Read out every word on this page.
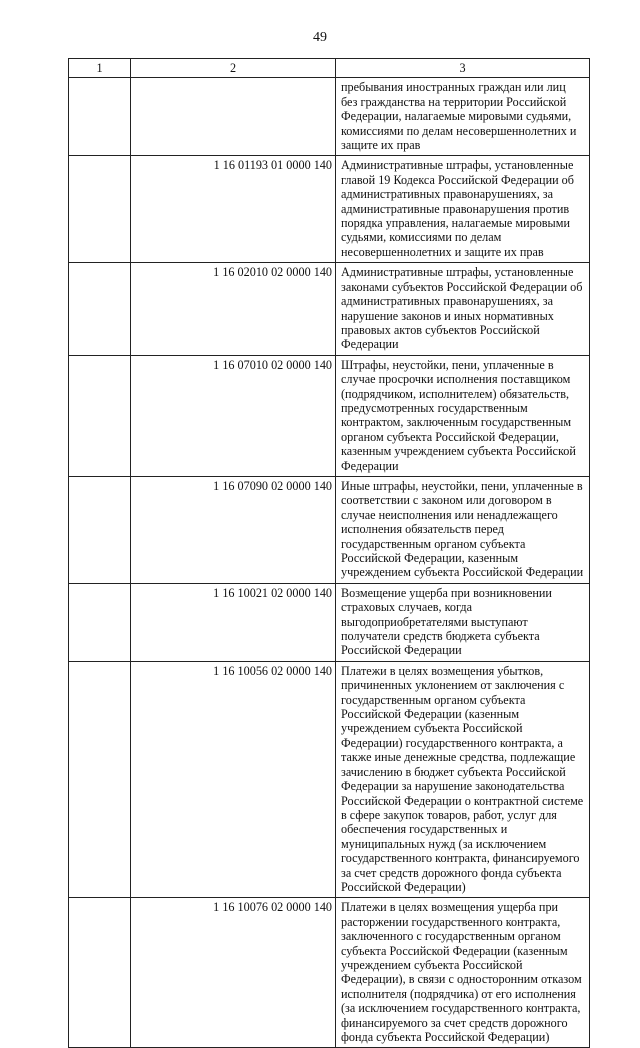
49
1	2	3
		пребывания иностранных граждан или лиц без гражданства на территории Российской Федерации, налагаемые мировыми судьями, комиссиями по делам несовершеннолетних и защите их прав
	1 16 01193 01 0000 140	Административные штрафы, установленные главой 19 Кодекса Российской Федерации об административных правонарушениях, за административные правонарушения против порядка управления, налагаемые мировыми судьями, комиссиями по делам несовершеннолетних и защите их прав
	1 16 02010 02 0000 140	Административные штрафы, установленные законами субъектов Российской Федерации об административных правонарушениях, за нарушение законов и иных нормативных правовых актов субъектов Российской Федерации
	1 16 07010 02 0000 140	Штрафы, неустойки, пени, уплаченные в случае просрочки исполнения поставщиком (подрядчиком, исполнителем) обязательств, предусмотренных государственным контрактом, заключенным государственным органом субъекта Российской Федерации, казенным учреждением субъекта Российской Федерации
	1 16 07090 02 0000 140	Иные штрафы, неустойки, пени, уплаченные в соответствии с законом или договором в случае неисполнения или ненадлежащего исполнения обязательств перед государственным органом субъекта Российской Федерации, казенным учреждением субъекта Российской Федерации
	1 16 10021 02 0000 140	Возмещение ущерба при возникновении страховых случаев, когда выгодоприобретателями выступают получатели средств бюджета субъекта Российской Федерации
	1 16 10056 02 0000 140	Платежи в целях возмещения убытков, причиненных уклонением от заключения с государственным органом субъекта Российской Федерации (казенным учреждением субъекта Российской Федерации) государственного контракта, а также иные денежные средства, подлежащие зачислению в бюджет субъекта Российской Федерации за нарушение законодательства Российской Федерации о контрактной системе в сфере закупок товаров, работ, услуг для обеспечения государственных и муниципальных нужд (за исключением государственного контракта, финансируемого за счет средств дорожного фонда субъекта Российской Федерации)
	1 16 10076 02 0000 140	Платежи в целях возмещения ущерба при расторжении государственного контракта, заключенного с государственным органом субъекта Российской Федерации (казенным учреждением субъекта Российской Федерации), в связи с односторонним отказом исполнителя (подрядчика) от его исполнения (за исключением государственного контракта, финансируемого за счет средств дорожного фонда субъекта Российской Федерации)
